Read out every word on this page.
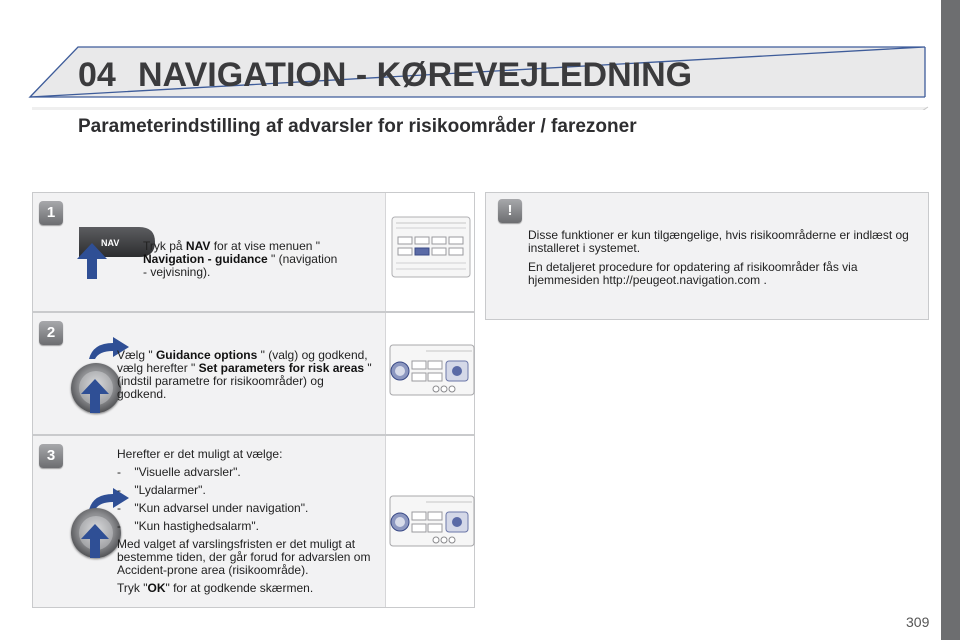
04 NAVIGATION - KØREVEJLEDNING
Parameterindstilling af advarsler for risikoområder / farezoner
1
NAV Tryk på NAV for at vise menuen " Navigation - guidance " (navigation - vejvisning).
2
Vælg " Guidance options " (valg) og godkend, vælg herefter " Set parameters for risk areas " (indstil parametre for risikoområder) og godkend.
3	Herefter er det muligt at vælge:

-    "Visuelle advarsler".

-    "Lydalarmer".

-    "Kun advarsel under navigation".

-    "Kun hastighedsalarm".

Med valget af varslingsfristen er det muligt at bestemme tiden, der går forud for advarslen om Accident-prone area (risikoområde).

Tryk "OK" for at godkende skærmen.

!

Disse funktioner er kun tilgængelige, hvis risikoområderne er indlæst og installeret i systemet.

En detaljeret procedure for opdatering af risikoområder fås via hjemmesiden http://peugeot.navigation.com .

309
